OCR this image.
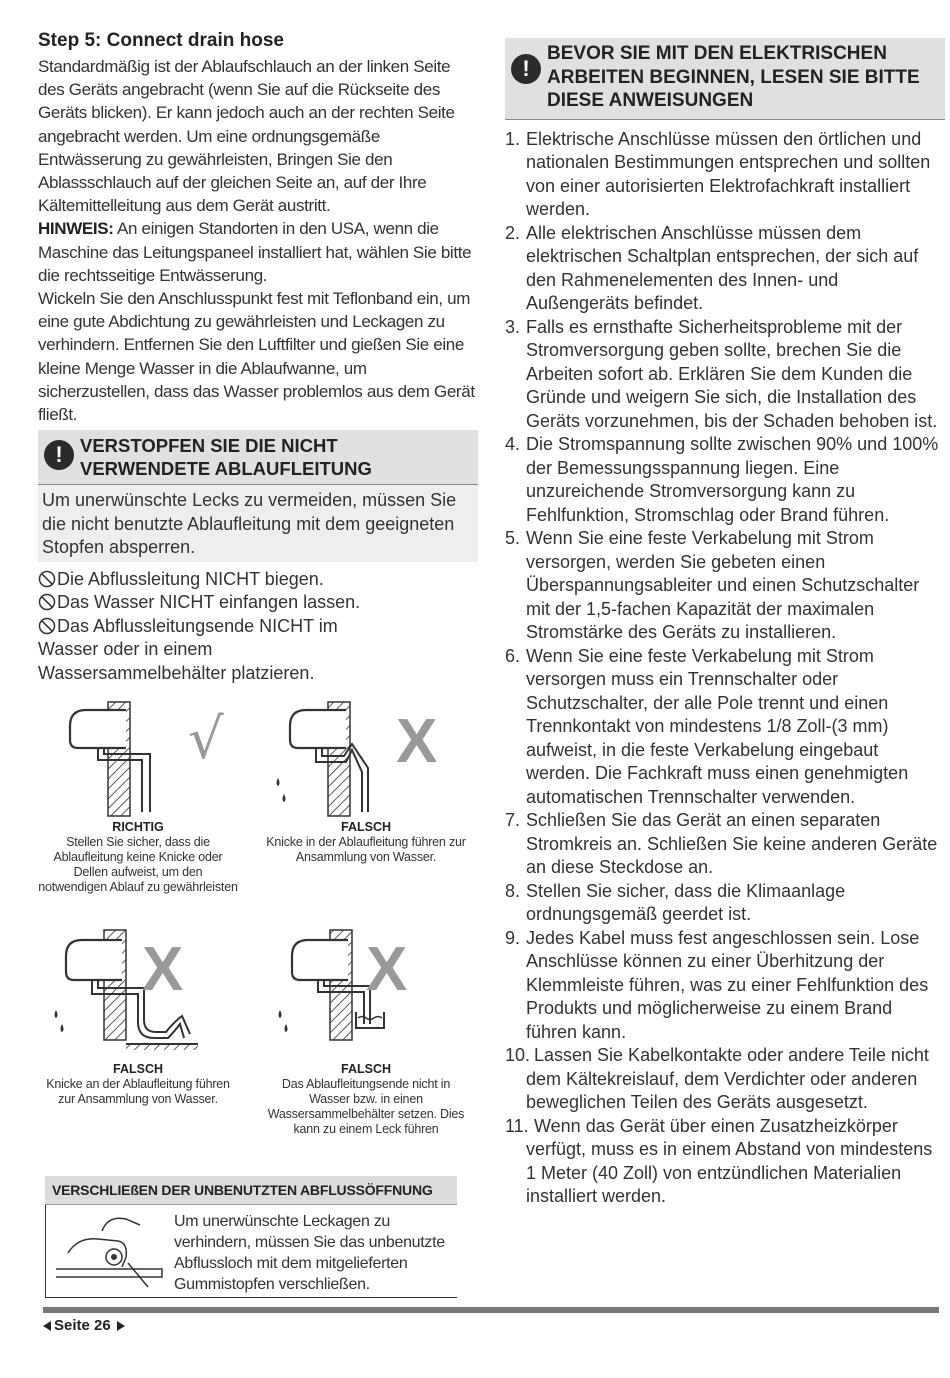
Step 5: Connect drain hose
Standardmäßig ist der Ablaufschlauch an der linken Seite des Geräts angebracht (wenn Sie auf die Rückseite des Geräts blicken). Er kann jedoch auch an der rechten Seite angebracht werden. Um eine ordnungsgemäße Entwässerung zu gewährleisten, Bringen Sie den Ablassschlauch auf der gleichen Seite an, auf der Ihre Kältemittelleitung aus dem Gerät austritt.
HINWEIS: An einigen Standorten in den USA, wenn die Maschine das Leitungspaneel installiert hat, wählen Sie bitte die rechtsseitige Entwässerung.
Wickeln Sie den Anschlusspunkt fest mit Teflonband ein, um eine gute Abdichtung zu gewährleisten und Leckagen zu verhindern. Entfernen Sie den Luftfilter und gießen Sie eine kleine Menge Wasser in die Ablaufwanne, um sicherzustellen, dass das Wasser problemlos aus dem Gerät fließt.
! VERSTOPFEN SIE DIE NICHT VERWENDETE ABLAUFLEITUNG
Um unerwünschte Lecks zu vermeiden, müssen Sie die nicht benutzte Ablaufleitung mit dem geeigneten Stopfen absperren.
Die Abflussleitung NICHT biegen.
Das Wasser NICHT einfangen lassen.
Das Abflussleitungsende NICHT im Wasser oder in einem Wassersammelbehälter platzieren.
√
RICHTIG
Stellen Sie sicher, dass die Ablaufleitung keine Knicke oder Dellen aufweist, um den notwendigen Ablauf zu gewährleisten
X
FALSCH
Knicke in der Ablaufleitung führen zur Ansammlung von Wasser.
X
FALSCH
Knicke an der Ablaufleitung führen zur Ansammlung von Wasser.
X
FALSCH
Das Ablaufleitungsende nicht in Wasser bzw. in einen Wassersammelbehälter setzen. Dies kann zu einem Leck führen
VERSCHLIEßEN DER UNBENUTZTEN ABFLUSSÖFFNUNG
Um unerwünschte Leckagen zu verhindern, müssen Sie das unbenutzte Abflussloch mit dem mitgelieferten Gummistopfen verschließen.
!
BEVOR SIE MIT DEN ELEKTRISCHEN ARBEITEN BEGINNEN, LESEN SIE BITTE DIESE ANWEISUNGEN
1. Elektrische Anschlüsse müssen den örtlichen und nationalen Bestimmungen entsprechen und sollten von einer autorisierten Elektrofachkraft installiert werden.
2. Alle elektrischen Anschlüsse müssen dem elektrischen Schaltplan entsprechen, der sich auf den Rahmenelementen des Innen- und Außengeräts befindet.
3. Falls es ernsthafte Sicherheitsprobleme mit der Stromversorgung geben sollte, brechen Sie die Arbeiten sofort ab. Erklären Sie dem Kunden die Gründe und weigern Sie sich, die Installation des Geräts vorzunehmen, bis der Schaden behoben ist.
4. Die Stromspannung sollte zwischen 90% und 100% der Bemessungsspannung liegen. Eine unzureichende Stromversorgung kann zu Fehlfunktion, Stromschlag oder Brand führen.
5. Wenn Sie eine feste Verkabelung mit Strom versorgen, werden Sie gebeten einen Überspannungsableiter und einen Schutzschalter mit der 1,5-fachen Kapazität der maximalen Stromstärke des Geräts zu installieren.
6. Wenn Sie eine feste Verkabelung mit Strom versorgen muss ein Trennschalter oder Schutzschalter, der alle Pole trennt und einen Trennkontakt von mindestens 1/8 Zoll-(3 mm) aufweist, in die feste Verkabelung eingebaut werden. Die Fachkraft muss einen genehmigten automatischen Trennschalter verwenden.
7. Schließen Sie das Gerät an einen separaten Stromkreis an. Schließen Sie keine anderen Geräte an diese Steckdose an.
8. Stellen Sie sicher, dass die Klimaanlage ordnungsgemäß geerdet ist.
9. Jedes Kabel muss fest angeschlossen sein. Lose Anschlüsse können zu einer Überhitzung der Klemmleiste führen, was zu einer Fehlfunktion des Produkts und möglicherweise zu einem Brand führen kann.
10. Lassen Sie Kabelkontakte oder andere Teile nicht dem Kältekreislauf, dem Verdichter oder anderen beweglichen Teilen des Geräts ausgesetzt.
11. Wenn das Gerät über einen Zusatzheizkörper verfügt, muss es in einem Abstand von mindestens 1 Meter (40 Zoll) von entzündlichen Materialien installiert werden.
Seite 26
